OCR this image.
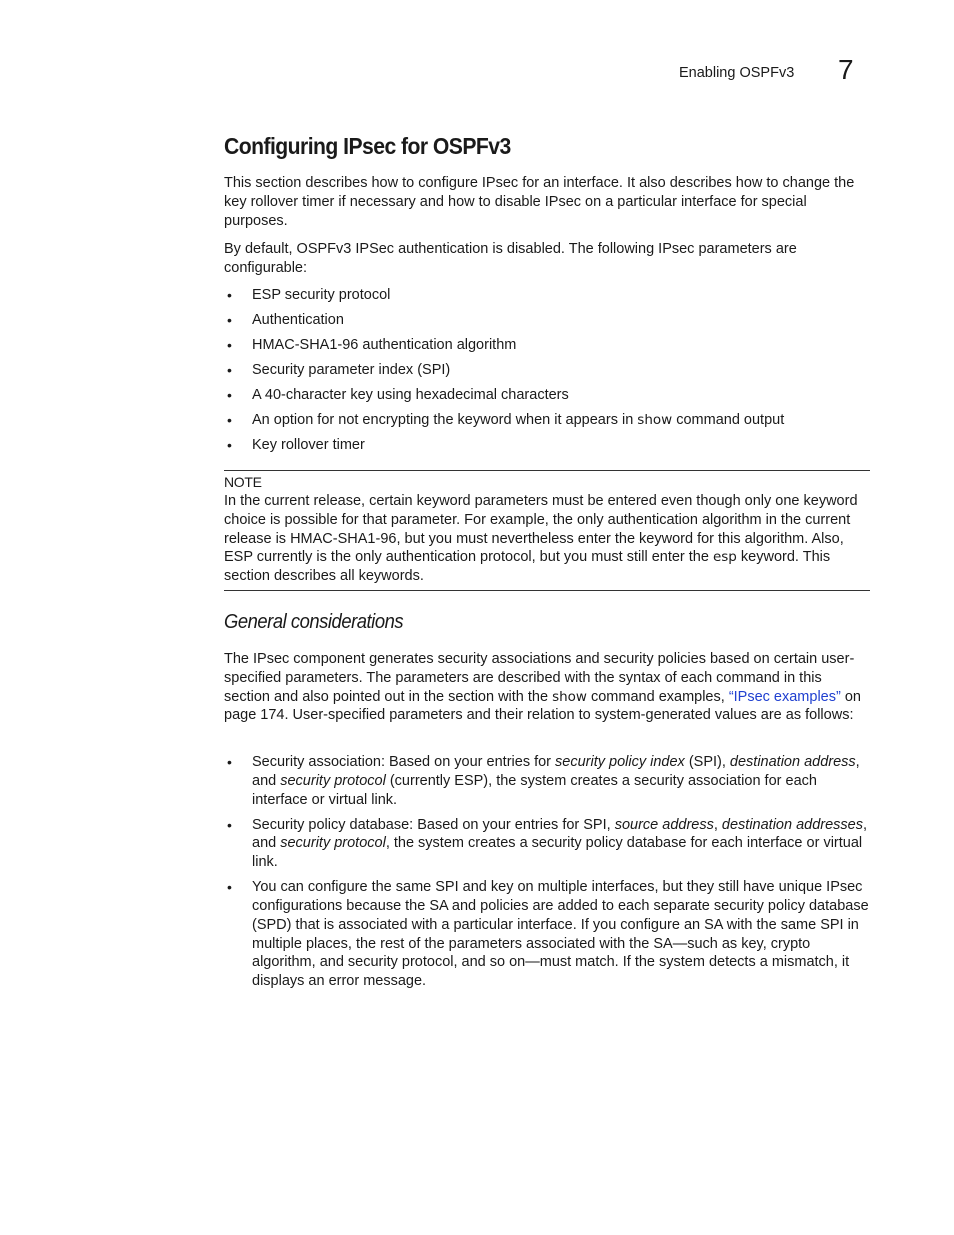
Enabling OSPFv3 7
Configuring IPsec for OSPFv3

This section describes how to configure IPsec for an interface. It also describes how to change the key rollover timer if necessary and how to disable IPsec on a particular interface for special purposes.

By default, OSPFv3 IPSec authentication is disabled. The following IPsec parameters are configurable:

• ESP security protocol
• Authentication
• HMAC-SHA1-96 authentication algorithm
• Security parameter index (SPI)
• A 40-character key using hexadecimal characters
• An option for not encrypting the keyword when it appears in show command output
• Key rollover timer
NOTE

In the current release, certain keyword parameters must be entered even though only one keyword choice is possible for that parameter. For example, the only authentication algorithm in the current release is HMAC-SHA1-96, but you must nevertheless enter the keyword for this algorithm. Also, ESP currently is the only authentication protocol, but you must still enter the esp keyword. This section describes all keywords.

General considerations

The IPsec component generates security associations and security policies based on certain user-specified parameters. The parameters are described with the syntax of each command in this section and also pointed out in the section with the show command examples, “IPsec examples” on page 174. User-specified parameters and their relation to system-generated values are as follows:

• Security association: Based on your entries for security policy index (SPI), destination address, and security protocol (currently ESP), the system creates a security association for each interface or virtual link.
• Security policy database: Based on your entries for SPI, source address, destination addresses, and security protocol, the system creates a security policy database for each interface or virtual link.
• You can configure the same SPI and key on multiple interfaces, but they still have unique IPsec configurations because the SA and policies are added to each separate security policy database (SPD) that is associated with a particular interface. If you configure an SA with the same SPI in multiple places, the rest of the parameters associated with the SA—such as key, crypto algorithm, and security protocol, and so on—must match. If the system detects a mismatch, it displays an error message.
